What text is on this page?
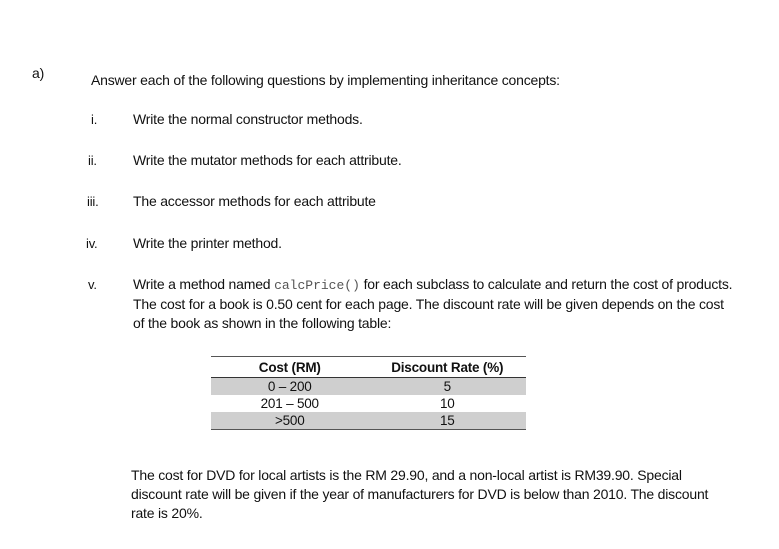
a)	Answer each of the following questions by implementing inheritance concepts:
i.	Write the normal constructor methods.
ii.	Write the mutator methods for each attribute.
iii. The accessor methods for each attribute
iv.	Write the printer method.
v.	Write a method named calcPrice() for each subclass to calculate and return the cost of products. The cost for a book is 0.50 cent for each page. The discount rate will be given depends on the cost of the book as shown in the following table:
Cost (RM)	Discount Rate (%)
0 – 200	5
201 – 500	10
>500	15
The cost for DVD for local artists is the RM 29.90, and a non-local artist is RM39.90. Special discount rate will be given if the year of manufacturers for DVD is below than 2010. The discount rate is 20%.
